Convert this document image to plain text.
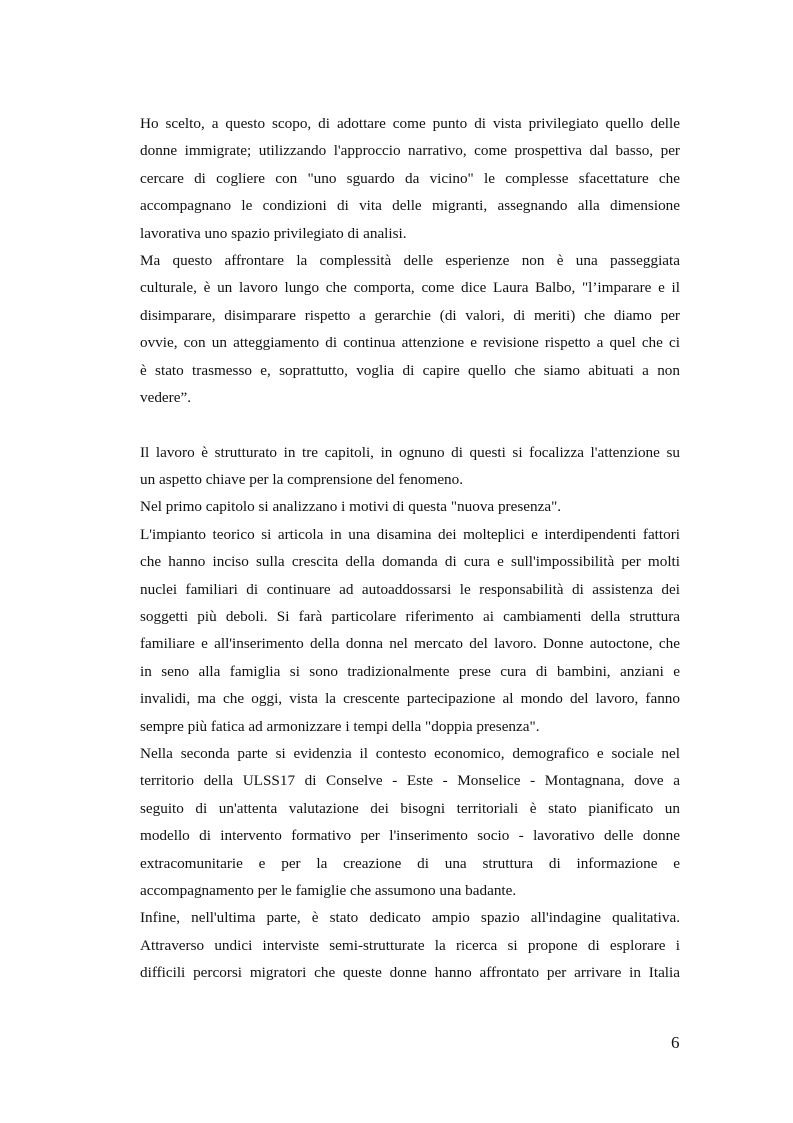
Ho scelto, a questo scopo, di adottare come punto di vista privilegiato quello delle
donne immigrate; utilizzando l'approccio narrativo, come prospettiva dal basso, per
cercare di cogliere con "uno sguardo da vicino" le complesse sfacettature che
accompagnano le condizioni di vita delle migranti, assegnando alla dimensione
lavorativa uno spazio privilegiato di analisi.
Ma questo affrontare la complessità delle esperienze non è una passeggiata
culturale, è un lavoro lungo che comporta, come dice Laura Balbo, "l’imparare e il
disimparare, disimparare rispetto a gerarchie (di valori, di meriti) che diamo per
ovvie, con un atteggiamento di continua attenzione e revisione rispetto a quel che ci
è stato trasmesso e, soprattutto, voglia di capire quello che siamo abituati a non
vedere”.
Il lavoro è strutturato in tre capitoli, in ognuno di questi si focalizza l'attenzione su
un aspetto chiave per la comprensione del fenomeno.
Nel primo capitolo si analizzano i motivi di questa "nuova presenza".
L'impianto teorico si articola in una disamina dei molteplici e interdipendenti fattori
che hanno inciso sulla crescita della domanda di cura e sull'impossibilità per molti
nuclei familiari di continuare ad autoaddossarsi le responsabilità di assistenza dei
soggetti più deboli. Si farà particolare riferimento ai cambiamenti della struttura
familiare e all'inserimento della donna nel mercato del lavoro. Donne autoctone, che
in seno alla famiglia si sono tradizionalmente prese cura di bambini, anziani e
invalidi, ma che oggi, vista la crescente partecipazione al mondo del lavoro, fanno
sempre più fatica ad armonizzare i tempi della "doppia presenza".
Nella seconda parte si evidenzia il contesto economico, demografico e sociale nel
territorio della ULSS17 di Conselve - Este - Monselice - Montagnana, dove a
seguito di un'attenta valutazione dei bisogni territoriali è stato pianificato un
modello di intervento formativo per l'inserimento socio - lavorativo delle donne
extracomunitarie e per la creazione di una struttura di informazione e
accompagnamento per le famiglie che assumono una badante.
Infine, nell'ultima parte, è stato dedicato ampio spazio all'indagine qualitativa.
Attraverso undici interviste semi-strutturate la ricerca si propone di esplorare i
difficili percorsi migratori che queste donne hanno affrontato per arrivare in Italia
6
